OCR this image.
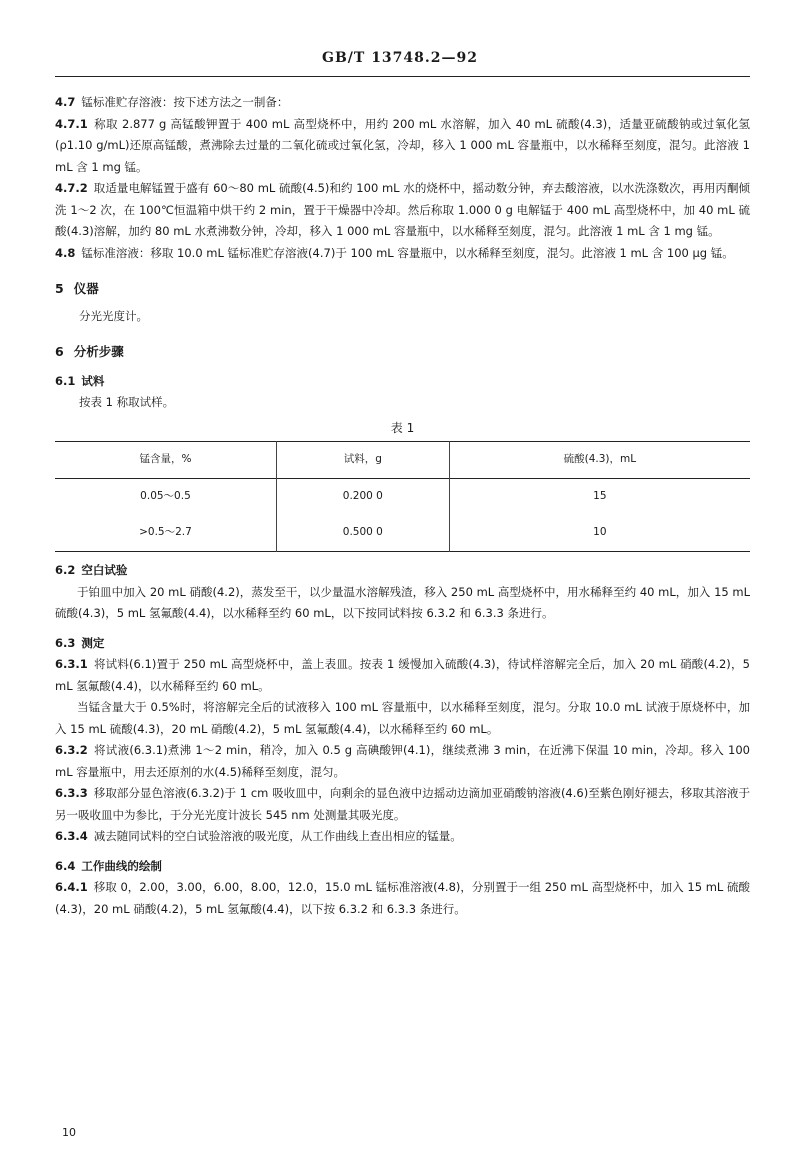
GB/T 13748.2—92

4.7 锰标准贮存溶液：按下述方法之一制备：

4.7.1 称取 2.877 g 高锰酸钾置于 400 mL 高型烧杯中，用约 200 mL 水溶解，加入 40 mL 硫酸(4.3)，适量亚硫酸钠或过氧化氢(ρ1.10 g/mL)还原高锰酸，煮沸除去过量的二氧化硫或过氧化氢，冷却，移入 1 000 mL 容量瓶中，以水稀释至刻度，混匀。此溶液 1 mL 含 1 mg 锰。

4.7.2 取适量电解锰置于盛有 60～80 mL 硫酸(4.5)和约 100 mL 水的烧杯中，摇动数分钟，弃去酸溶液，以水洗涤数次，再用丙酮倾洗 1～2 次，在 100℃恒温箱中烘干约 2 min，置于干燥器中冷却。然后称取 1.000 0 g 电解锰于 400 mL 高型烧杯中，加 40 mL 硫酸(4.3)溶解，加约 80 mL 水煮沸数分钟，冷却，移入 1 000 mL 容量瓶中，以水稀释至刻度，混匀。此溶液 1 mL 含 1 mg 锰。

4.8 锰标准溶液：移取 10.0 mL 锰标准贮存溶液(4.7)于 100 mL 容量瓶中，以水稀释至刻度，混匀。此溶液 1 mL 含 100 μg 锰。

5 仪器

分光光度计。

6 分析步骤
6.1 试料

按表 1 称取试样。

表 1
锰含量，%	试料，g	硫酸(4.3)，mL
0.05～0.5	0.200 0	15
>0.5～2.7	0.500 0	10
6.2 空白试验

于铂皿中加入 20 mL 硝酸(4.2)，蒸发至干，以少量温水溶解残渣，移入 250 mL 高型烧杯中，用水稀释至约 40 mL，加入 15 mL 硫酸(4.3)，5 mL 氢氟酸(4.4)，以水稀释至约 60 mL，以下按同试料按 6.3.2 和 6.3.3 条进行。

6.3 测定

6.3.1 将试料(6.1)置于 250 mL 高型烧杯中，盖上表皿。按表 1 缓慢加入硫酸(4.3)，待试样溶解完全后，加入 20 mL 硝酸(4.2)，5 mL 氢氟酸(4.4)，以水稀释至约 60 mL。

当锰含量大于 0.5%时，将溶解完全后的试液移入 100 mL 容量瓶中，以水稀释至刻度，混匀。分取 10.0 mL 试液于原烧杯中，加入 15 mL 硫酸(4.3)，20 mL 硝酸(4.2)，5 mL 氢氟酸(4.4)，以水稀释至约 60 mL。

6.3.2 将试液(6.3.1)煮沸 1～2 min，稍冷，加入 0.5 g 高碘酸钾(4.1)，继续煮沸 3 min，在近沸下保温 10 min，冷却。移入 100 mL 容量瓶中，用去还原剂的水(4.5)稀释至刻度，混匀。

6.3.3 移取部分显色溶液(6.3.2)于 1 cm 吸收皿中，向剩余的显色液中边摇动边滴加亚硝酸钠溶液(4.6)至紫色刚好褪去，移取其溶液于另一吸收皿中为参比，于分光光度计波长 545 nm 处测量其吸光度。

6.3.4 减去随同试料的空白试验溶液的吸光度，从工作曲线上查出相应的锰量。

6.4 工作曲线的绘制

6.4.1 移取 0，2.00，3.00，6.00，8.00，12.0，15.0 mL 锰标准溶液(4.8)，分别置于一组 250 mL 高型烧杯中，加入 15 mL 硫酸(4.3)，20 mL 硝酸(4.2)，5 mL 氢氟酸(4.4)，以下按 6.3.2 和 6.3.3 条进行。

10
